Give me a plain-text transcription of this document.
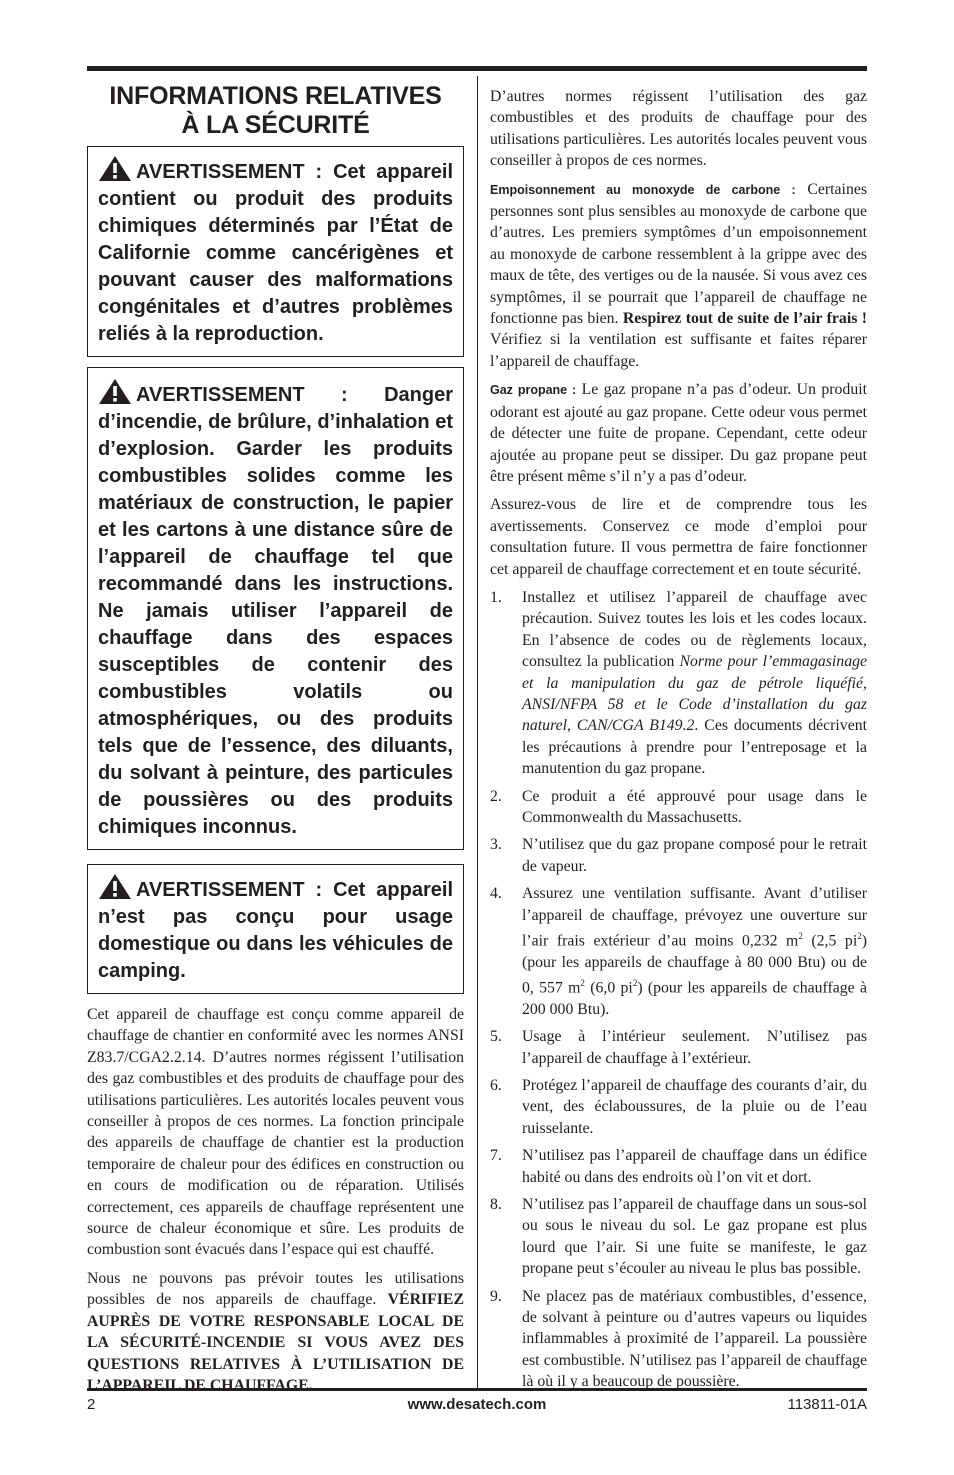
INFORMATIONS RELATIVES
À LA SÉCURITÉ
AVERTISSEMENT : Cet appareil contient ou produit des produits chimiques déterminés par l’État de Californie comme cancérigènes et pouvant causer des malformations congénitales et d’autres problèmes reliés à la reproduction.
AVERTISSEMENT : Danger d’incendie, de brûlure, d’inhalation et d’explosion. Garder les produits combustibles solides comme les matériaux de construction, le papier et les cartons à une distance sûre de l’appareil de chauffage tel que recommandé dans les instructions. Ne jamais utiliser l’appareil de chauffage dans des espaces susceptibles de contenir des combustibles volatils ou atmosphériques, ou des produits tels que de l’essence, des diluants, du solvant à peinture, des particules de poussières ou des produits chimiques inconnus.
AVERTISSEMENT : Cet appareil n’est pas conçu pour usage domestique ou dans les véhicules de camping.

Cet appareil de chauffage est conçu comme appareil de chauffage de chantier en conformité avec les normes ANSI Z83.7/CGA2.2.14. D’autres normes régissent l’utilisation des gaz combustibles et des produits de chauffage pour des utilisations particulières. Les autorités locales peuvent vous conseiller à propos de ces normes. La fonction principale des appareils de chauffage de chantier est la production temporaire de chaleur pour des édifices en construction ou en cours de modification ou de réparation. Utilisés correctement, ces appareils de chauffage représentent une source de chaleur économique et sûre. Les produits de combustion sont évacués dans l’espace qui est chauffé.

Nous ne pouvons pas prévoir toutes les utilisations possibles de nos appareils de chauffage. VÉRIFIEZ AUPRÈS DE VOTRE RESPONSABLE LOCAL DE LA SÉCURITÉ-INCENDIE SI VOUS AVEZ DES QUESTIONS RELATIVES À L’UTILISATION DE L’APPAREIL DE CHAUFFAGE.

D’autres normes régissent l’utilisation des gaz combustibles et des produits de chauffage pour des utilisations particulières. Les autorités locales peuvent vous conseiller à propos de ces normes.

Empoisonnement au monoxyde de carbone : Certaines personnes sont plus sensibles au monoxyde de carbone que d’autres. Les premiers symptômes d’un empoisonnement au monoxyde de carbone ressemblent à la grippe avec des maux de tête, des vertiges ou de la nausée. Si vous avez ces symptômes, il se pourrait que l’appareil de chauffage ne fonctionne pas bien. Respirez tout de suite de l’air frais ! Vérifiez si la ventilation est suffisante et faites réparer l’appareil de chauffage.

Gaz propane : Le gaz propane n’a pas d’odeur. Un produit odorant est ajouté au gaz propane. Cette odeur vous permet de détecter une fuite de propane. Cependant, cette odeur ajoutée au propane peut se dissiper. Du gaz propane peut être présent même s’il n’y a pas d’odeur.

Assurez-vous de lire et de comprendre tous les avertissements. Conservez ce mode d’emploi pour consultation future. Il vous permettra de faire fonctionner cet appareil de chauffage correctement et en toute sécurité.

1. Installez et utilisez l’appareil de chauffage avec précaution. Suivez toutes les lois et les codes locaux. En l’absence de codes ou de règlements locaux, consultez la publication Norme pour l’emmagasinage et la manipulation du gaz de pétrole liquéfié, ANSI/NFPA 58 et le Code d’installation du gaz naturel, CAN/CGA B149.2. Ces documents décrivent les précautions à prendre pour l’entreposage et la manutention du gaz propane.
2. Ce produit a été approuvé pour usage dans le Commonwealth du Massachusetts.
3. N’utilisez que du gaz propane composé pour le retrait de vapeur.
4. Assurez une ventilation suffisante. Avant d’utiliser l’appareil de chauffage, prévoyez une ouverture sur l’air frais extérieur d’au moins 0,232 $m^2$ (2,5 $pi^2$) (pour les appareils de chauffage à 80 000 Btu) ou de 0, 557 $m^2$ (6,0 $pi^2$) (pour les appareils de chauffage à 200 000 Btu).
5. Usage à l’intérieur seulement. N’utilisez pas l’appareil de chauffage à l’extérieur.
6. Protégez l’appareil de chauffage des courants d’air, du vent, des éclaboussures, de la pluie ou de l’eau ruisselante.
7. N’utilisez pas l’appareil de chauffage dans un édifice habité ou dans des endroits où l’on vit et dort.
8. N’utilisez pas l’appareil de chauffage dans un sous-sol ou sous le niveau du sol. Le gaz propane est plus lourd que l’air. Si une fuite se manifeste, le gaz propane peut s’écouler au niveau le plus bas possible.
9. Ne placez pas de matériaux combustibles, d’essence, de solvant à peinture ou d’autres vapeurs ou liquides inflammables à proximité de l’appareil. La poussière est combustible. N’utilisez pas l’appareil de chauffage là où il y a beaucoup de poussière.
www.desatech.com
2	113811-01A
